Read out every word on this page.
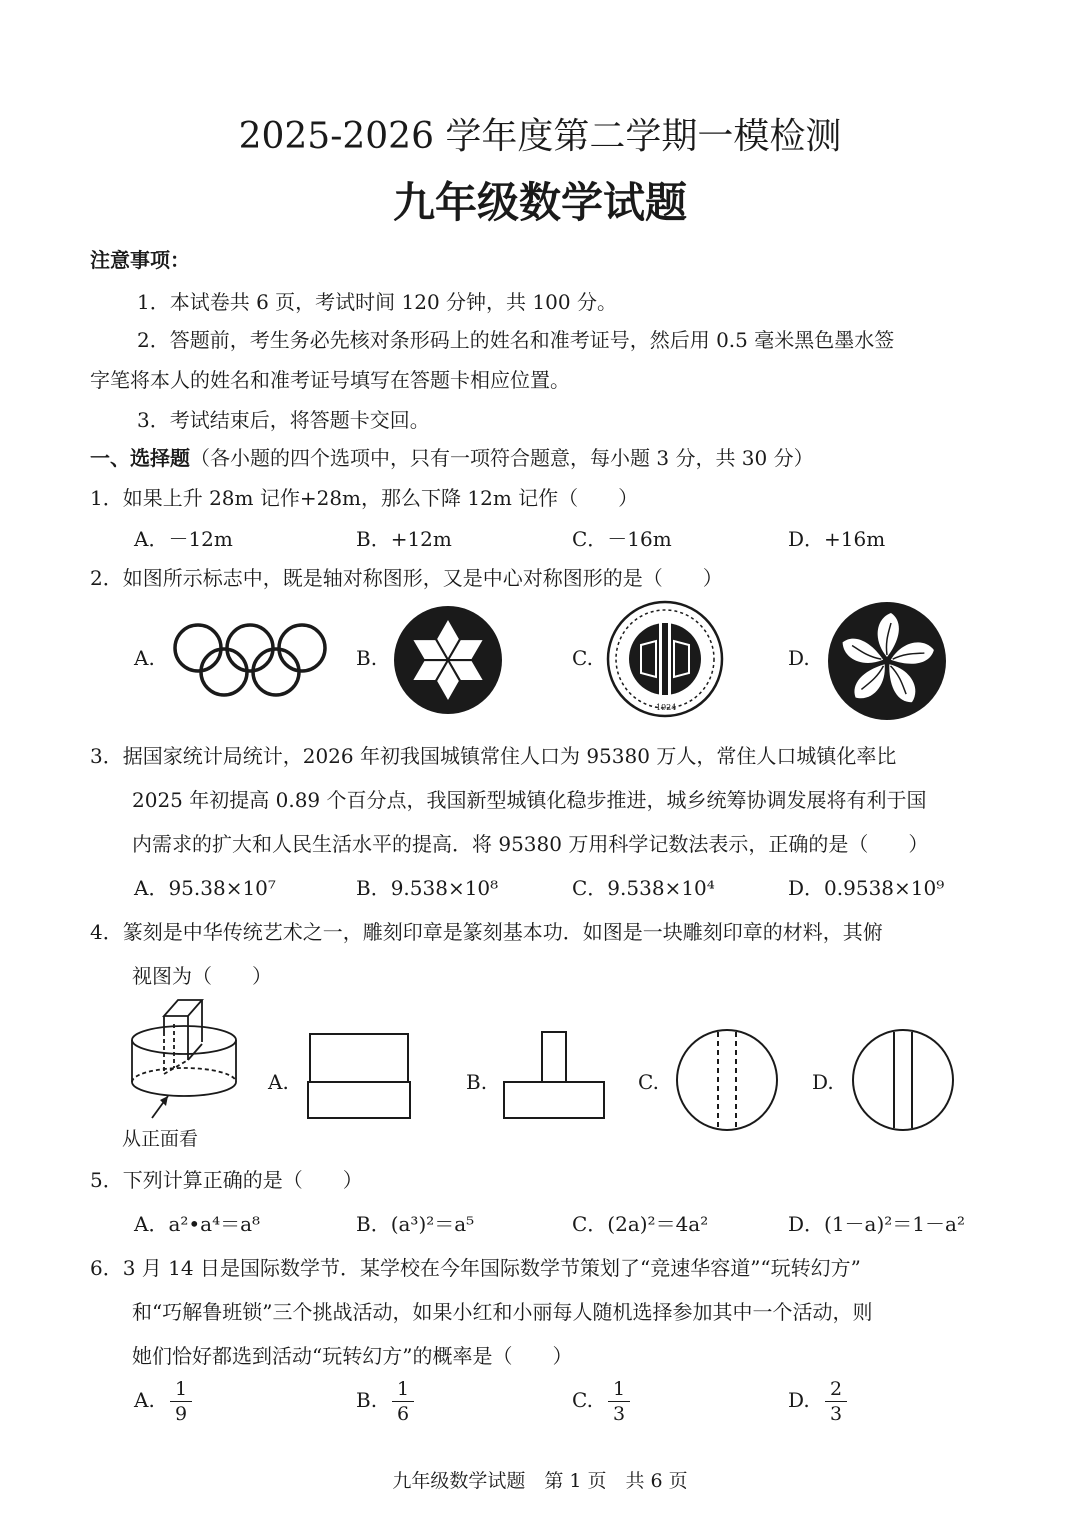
2025-2026 学年度第二学期一模检测
九年级数学试题
注意事项：
1．本试卷共 6 页，考试时间 120 分钟，共 100 分。
2．答题前，考生务必先核对条形码上的姓名和准考证号，然后用 0.5 毫米黑色墨水签
字笔将本人的姓名和准考证号填写在答题卡相应位置。
3．考试结束后，将答题卡交回。
一、选择题（各小题的四个选项中，只有一项符合题意，每小题 3 分，共 30 分）
1．如果上升 28m 记作+28m，那么下降 12m 记作（　　）
A．－12m	B．+12m	C．－16m	D．+16m
2．如图所示标志中，既是轴对称图形，又是中心对称图形的是（　　）
A.	B.	C.	D.
1924
3．据国家统计局统计，2026 年初我国城镇常住人口为 95380 万人，常住人口城镇化率比
2025 年初提高 0.89 个百分点，我国新型城镇化稳步推进，城乡统筹协调发展将有利于国
内需求的扩大和人民生活水平的提高．将 95380 万用科学记数法表示，正确的是（　　）
A．95.38×10⁷	B．9.538×10⁸	C．9.538×10⁴	D．0.9538×10⁹
4．篆刻是中华传统艺术之一，雕刻印章是篆刻基本功．如图是一块雕刻印章的材料，其俯
视图为（　　）
从正面看
A.	B.	C.	D.
5．下列计算正确的是（　　）
A．a²•a⁴＝a⁸	B．(a³)²＝a⁵	C．(2a)²＝4a²	D．(1－a)²＝1－a²
6．3 月 14 日是国际数学节．某学校在今年国际数学节策划了“竞速华容道”“玩转幻方”
和“巧解鲁班锁”三个挑战活动，如果小红和小丽每人随机选择参加其中一个活动，则
她们恰好都选到活动“玩转幻方”的概率是（　　）
A.	B.	C.	D.
1
9
1
6
1
3
2
3
九年级数学试题　第 1 页　共 6 页
